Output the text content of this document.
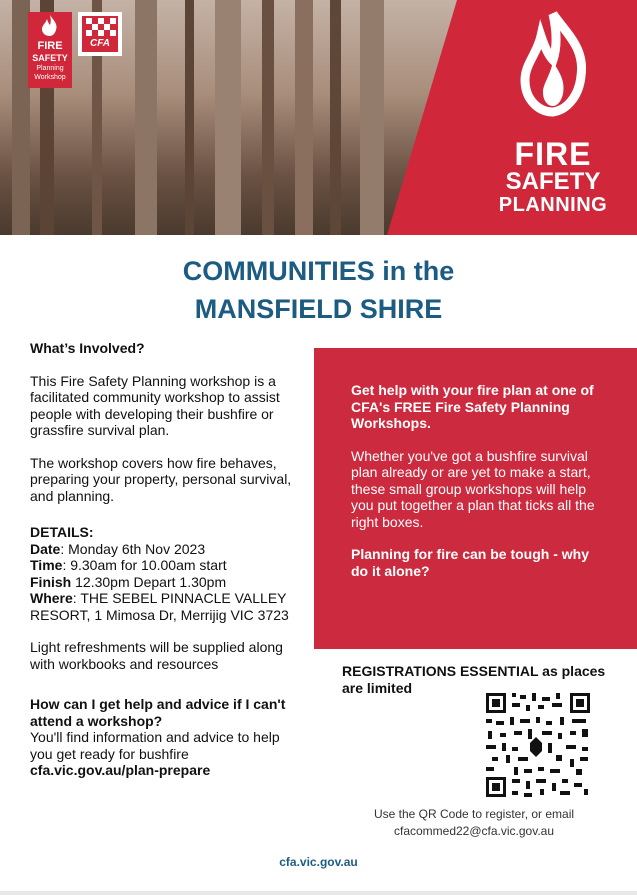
FIRE
SAFETY
Planning
Workshop
CFA
FIRE
SAFETY
PLANNING
COMMUNITIES in the
MANSFIELD SHIRE

What’s Involved?

This Fire Safety Planning workshop is a facilitated community workshop to assist people with developing their bushfire or grassfire survival plan.

The workshop covers how fire behaves, preparing your property, personal survival, and planning.

DETAILS:

Date: Monday 6th Nov 2023

Time: 9.30am for 10.00am start

Finish 12.30pm Depart 1.30pm

Where: THE SEBEL PINNACLE VALLEY RESORT, 1 Mimosa Dr, Merrijig VIC 3723

Light refreshments will be supplied along with workbooks and resources

How can I get help and advice if I can't attend a workshop?

You'll find information and advice to help you get ready for bushfire

cfa.vic.gov.au/plan-prepare

Get help with your fire plan at one of CFA's FREE Fire Safety Planning Workshops.

Whether you've got a bushfire survival plan already or are yet to make a start, these small group workshops will help you put together a plan that ticks all the right boxes.

Planning for fire can be tough - why do it alone?

REGISTRATIONS ESSENTIAL as places are limited
Use the QR Code to register, or email
cfacommed22@cfa.vic.gov.au
cfa.vic.gov.au
